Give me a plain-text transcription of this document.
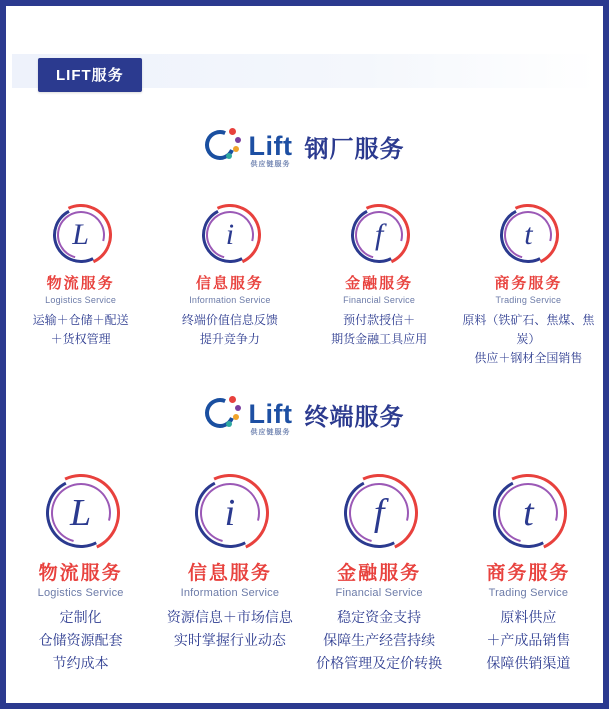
LIFT服务
Lift
供应链服务
钢厂服务
L
物流服务
Logistics Service
i
信息服务
Information Service
f
金融服务
Financial Service
t
商务服务
Trading Service
运输＋仓储＋配送
＋货权管理
终端价值信息反馈
提升竞争力
预付款授信＋
期货金融工具应用
原料（铁矿石、焦煤、焦炭）
供应＋钢材全国销售
Lift
供应链服务
终端服务
L
物流服务
Logistics Service
i
信息服务
Information Service
f
金融服务
Financial Service
t
商务服务
Trading Service
定制化
仓储资源配套
节约成本
资源信息＋市场信息
实时掌握行业动态
稳定资金支持
保障生产经营持续
价格管理及定价转换
原料供应
＋产成品销售
保障供销渠道
